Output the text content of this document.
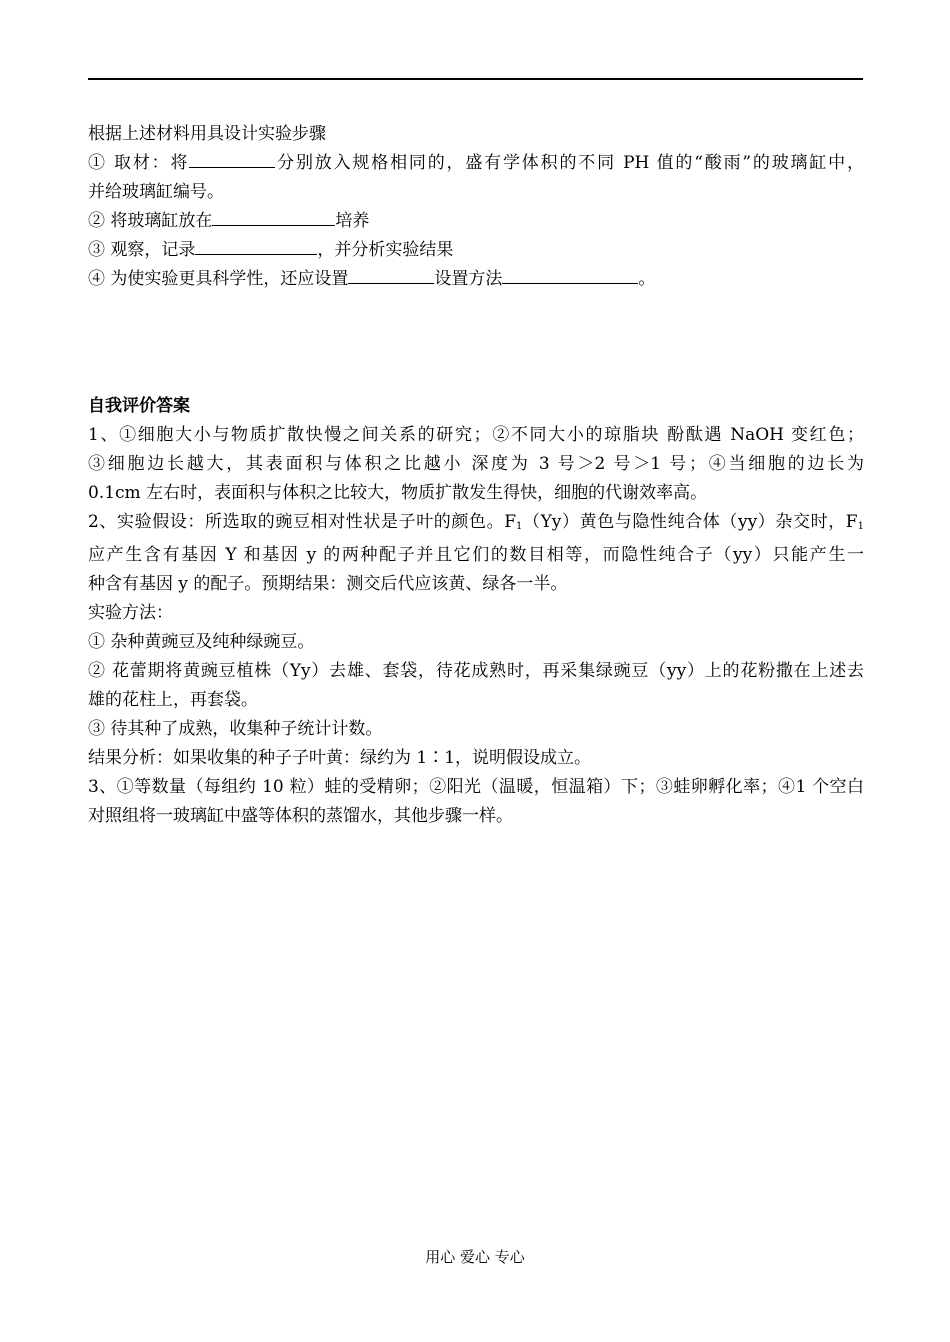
根据上述材料用具设计实验步骤
① 取材：将	分别放入规格相同的，盛有学体积的不同 PH 值的“酸雨”的玻璃缸中，
并给玻璃缸编号。
② 将玻璃缸放在	培养
③ 观察，记录	，并分析实验结果
④ 为使实验更具科学性，还应设置	设置方法	。
自我评价答案
1、①细胞大小与物质扩散快慢之间关系的研究；②不同大小的琼脂块 酚酞遇 NaOH 变红色；
③细胞边长越大，其表面积与体积之比越小 深度为 3 号＞2 号＞1 号；④当细胞的边长为
0.1cm 左右时，表面积与体积之比较大，物质扩散发生得快，细胞的代谢效率高。
2、实验假设：所选取的豌豆相对性状是子叶的颜色。$F_1(Yy)$黄色与隐性纯合体（yy）杂交时，$F_1$
应产生含有基因 Y 和基因 y 的两种配子并且它们的数目相等，而隐性纯合子（yy）只能产生一
种含有基因 y 的配子。预期结果：测交后代应该黄、绿各一半。
实验方法：
① 杂种黄豌豆及纯种绿豌豆。
② 花蕾期将黄豌豆植株（Yy）去雄、套袋，待花成熟时，再采集绿豌豆（yy）上的花粉撒在上述去
雄的花柱上，再套袋。
③ 待其种了成熟，收集种子统计计数。
结果分析：如果收集的种子子叶黄：绿约为 1∶1，说明假设成立。
3、①等数量（每组约 10 粒）蛙的受精卵；②阳光（温暖，恒温箱）下；③蛙卵孵化率；④1 个空白
对照组将一玻璃缸中盛等体积的蒸馏水，其他步骤一样。
用心 爱心 专心
